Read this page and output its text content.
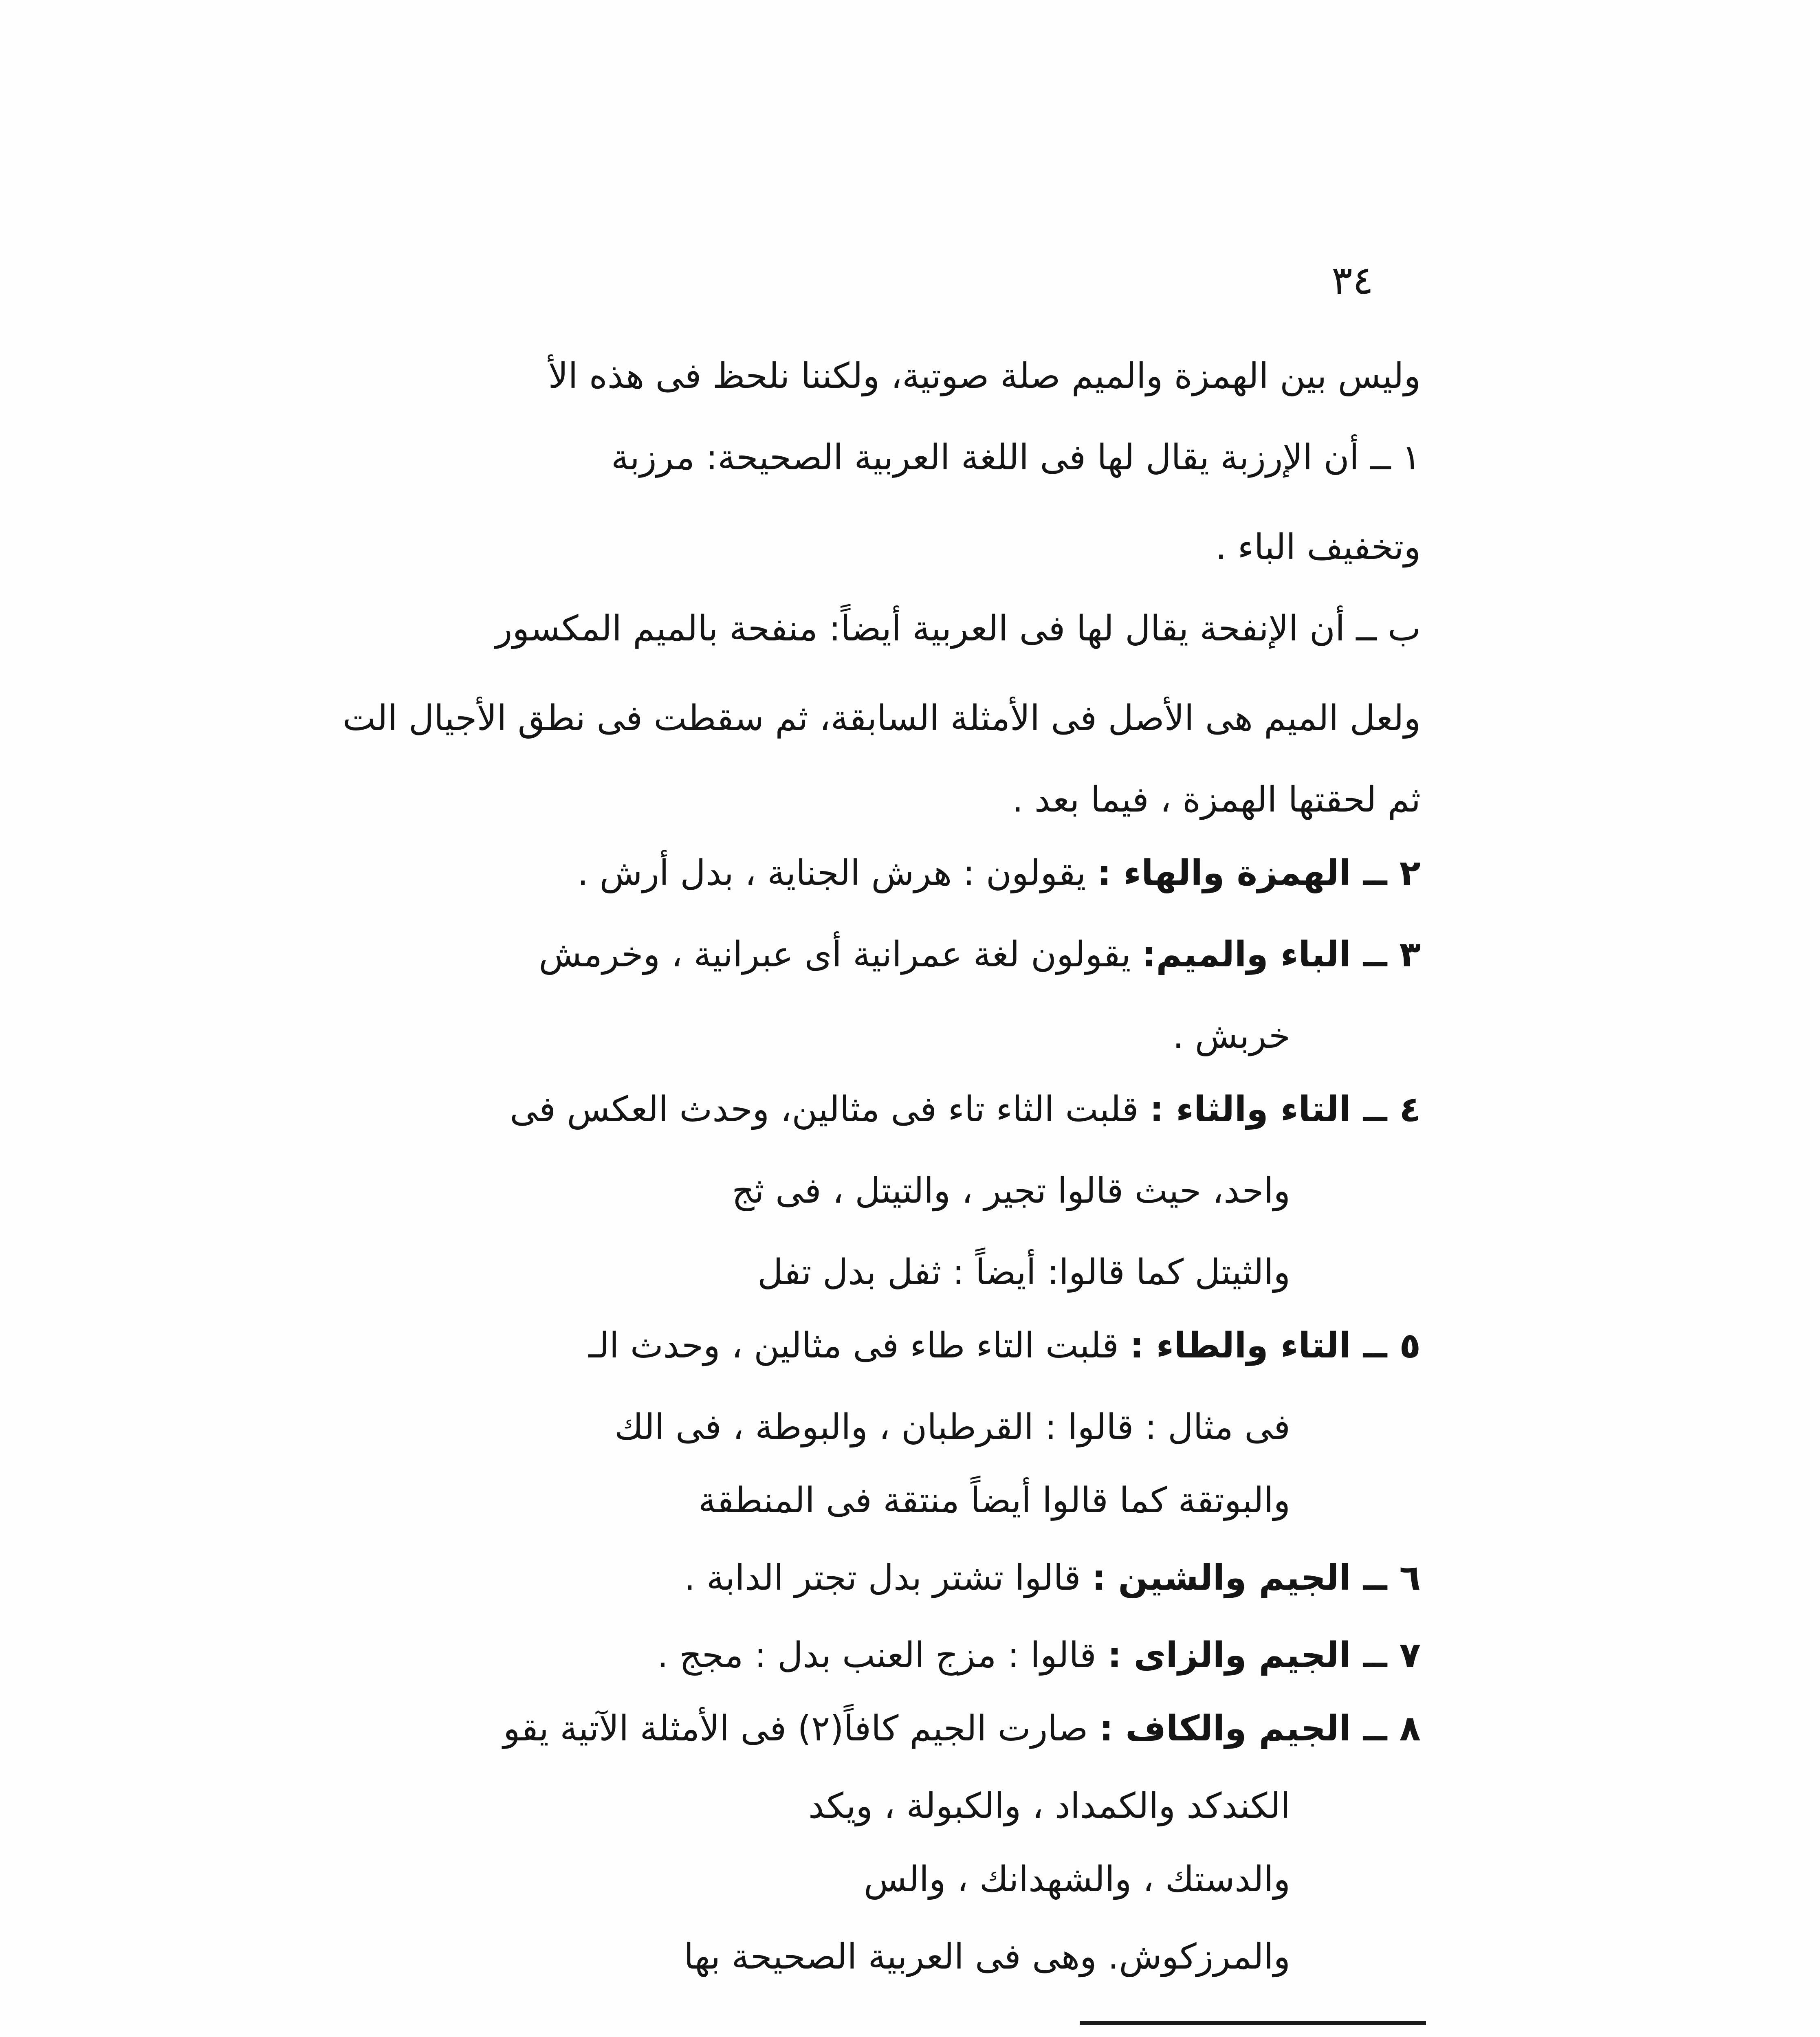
٣٤
وليس بين الهمزة والميم صلة صوتية، ولكننا نلحظ فى هذه الأ
١ ــ أن الإرزبة يقال لها فى اللغة العربية الصحيحة: مرزبة
وتخفيف الباء .
ب ــ أن الإنفحة يقال لها فى العربية أيضاً: منفحة بالميم المكسور
ولعل الميم هى الأصل فى الأمثلة السابقة، ثم سقطت فى نطق الأجيال الت
ثم لحقتها الهمزة ، فيما بعد .
٢ ــ الهمزة والهاء : يقولون : هرش الجناية ، بدل أرش .
٣ ــ الباء والميم: يقولون لغة عمرانية أى عبرانية ، وخرمش
خربش .
٤ ــ التاء والثاء : قلبت الثاء تاء فى مثالين، وحدث العكس فى
واحد، حيث قالوا تجير ، والتيتل ، فى ثج
والثيتل كما قالوا: أيضاً : ثفل بدل تفل
٥ ــ التاء والطاء : قلبت التاء طاء فى مثالين ، وحدث الـ
فى مثال : قالوا : القرطبان ، والبوطة ، فى الك
والبوتقة كما قالوا أيضاً منتقة فى المنطقة
٦ ــ الجيم والشين : قالوا تشتر بدل تجتر الدابة .
٧ ــ الجيم والزاى : قالوا : مزج العنب بدل : مجج .
٨ ــ الجيم والكاف : صارت الجيم كافاً(٢) فى الأمثلة الآتية يقو
الكندكد والكمداد ، والكبولة ، ويكد
والدستك ، والشهدانك ، والس
والمرزكوش. وهى فى العربية الصحيحة بها
